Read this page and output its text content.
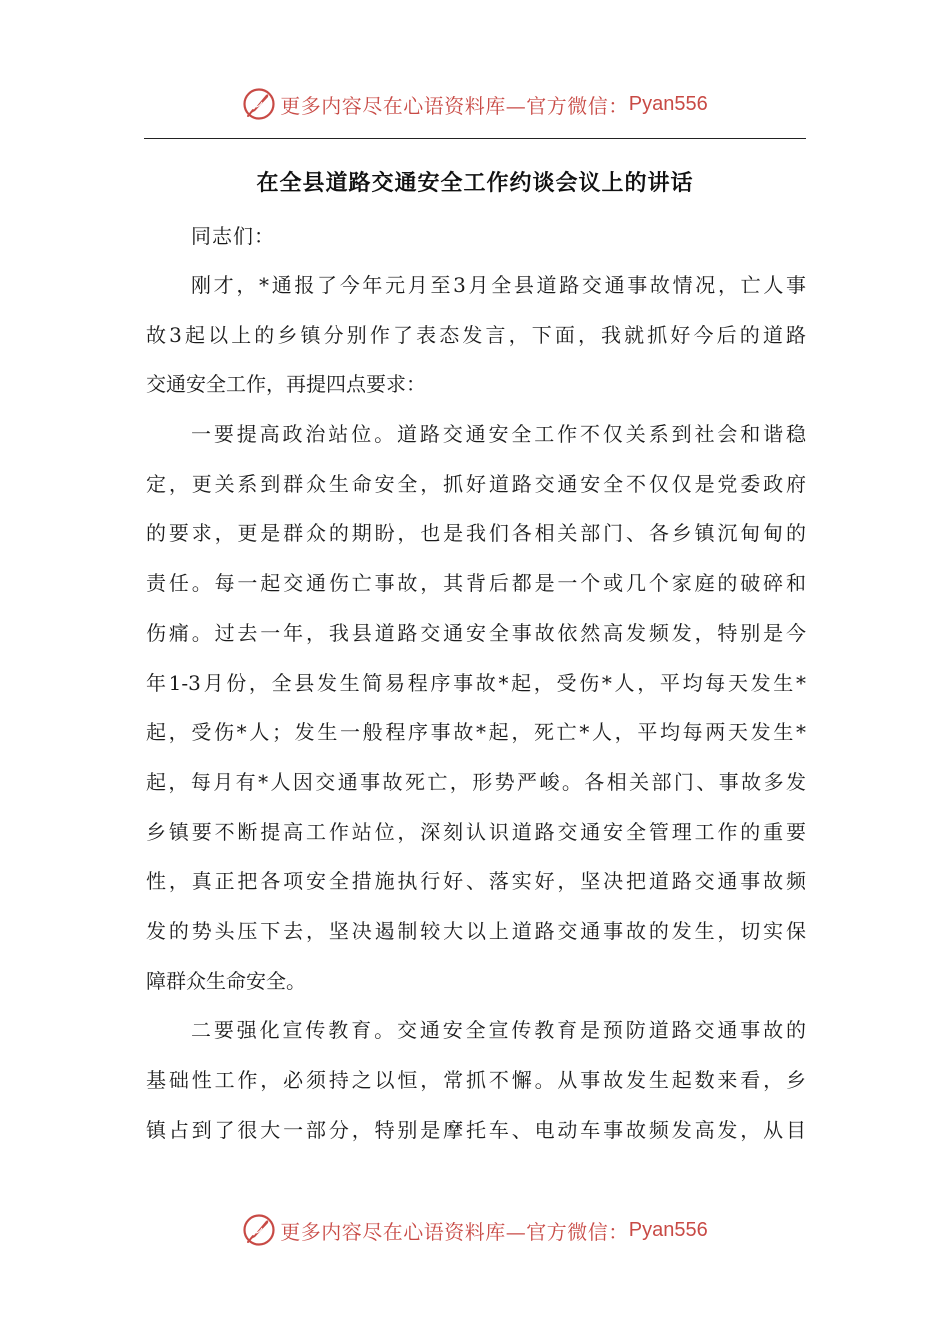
更多内容尽在心语资料库—官方微信： Pyan556
在全县道路交通安全工作约谈会议上的讲话
同志们：
刚才，*通报了今年元月至3月全县道路交通事故情况，亡人事
故3起以上的乡镇分别作了表态发言，下面，我就抓好今后的道路
交通安全工作，再提四点要求：
一要提高政治站位。道路交通安全工作不仅关系到社会和谐稳
定，更关系到群众生命安全，抓好道路交通安全不仅仅是党委政府
的要求，更是群众的期盼，也是我们各相关部门、各乡镇沉甸甸的
责任。每一起交通伤亡事故，其背后都是一个或几个家庭的破碎和
伤痛。过去一年，我县道路交通安全事故依然高发频发，特别是今
年1-3月份，全县发生简易程序事故*起，受伤*人，平均每天发生*
起，受伤*人；发生一般程序事故*起，死亡*人，平均每两天发生*
起，每月有*人因交通事故死亡，形势严峻。各相关部门、事故多发
乡镇要不断提高工作站位，深刻认识道路交通安全管理工作的重要
性，真正把各项安全措施执行好、落实好，坚决把道路交通事故频
发的势头压下去，坚决遏制较大以上道路交通事故的发生，切实保
障群众生命安全。
二要强化宣传教育。交通安全宣传教育是预防道路交通事故的
基础性工作，必须持之以恒，常抓不懈。从事故发生起数来看，乡
镇占到了很大一部分，特别是摩托车、电动车事故频发高发，从目
更多内容尽在心语资料库—官方微信： Pyan556
